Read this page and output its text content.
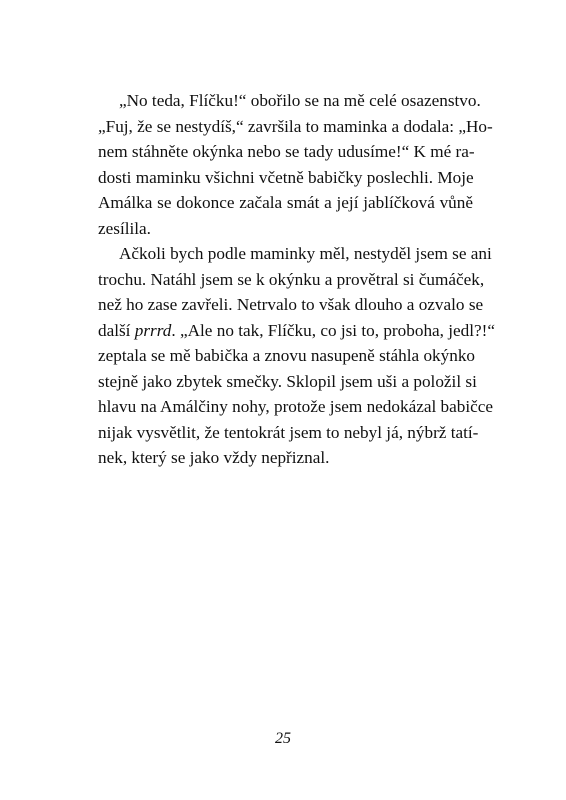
„No teda, Flíčku!“ obořilo se na mě celé osazenstvo.
„Fuj, že se nestydíš,“ završila to maminka a dodala: „Ho-
nem stáhněte okýnka nebo se tady udusíme!“ K mé ra-
dosti maminku všichni včetně babičky poslechli. Moje
Amálka se dokonce začala smát a její jablíčková vůně
zesílila.
Ačkoli bych podle maminky měl, nestyděl jsem se ani
trochu. Natáhl jsem se k okýnku a provětral si čumáček,
než ho zase zavřeli. Netrvalo to však dlouho a ozvalo se
další prrrd. „Ale no tak, Flíčku, co jsi to, proboha, jedl?!“
zeptala se mě babička a znovu nasupeně stáhla okýnko
stejně jako zbytek smečky. Sklopil jsem uši a položil si
hlavu na Amálčiny nohy, protože jsem nedokázal babičce
nijak vysvětlit, že tentokrát jsem to nebyl já, nýbrž tatí-
nek, který se jako vždy nepřiznal.
25
